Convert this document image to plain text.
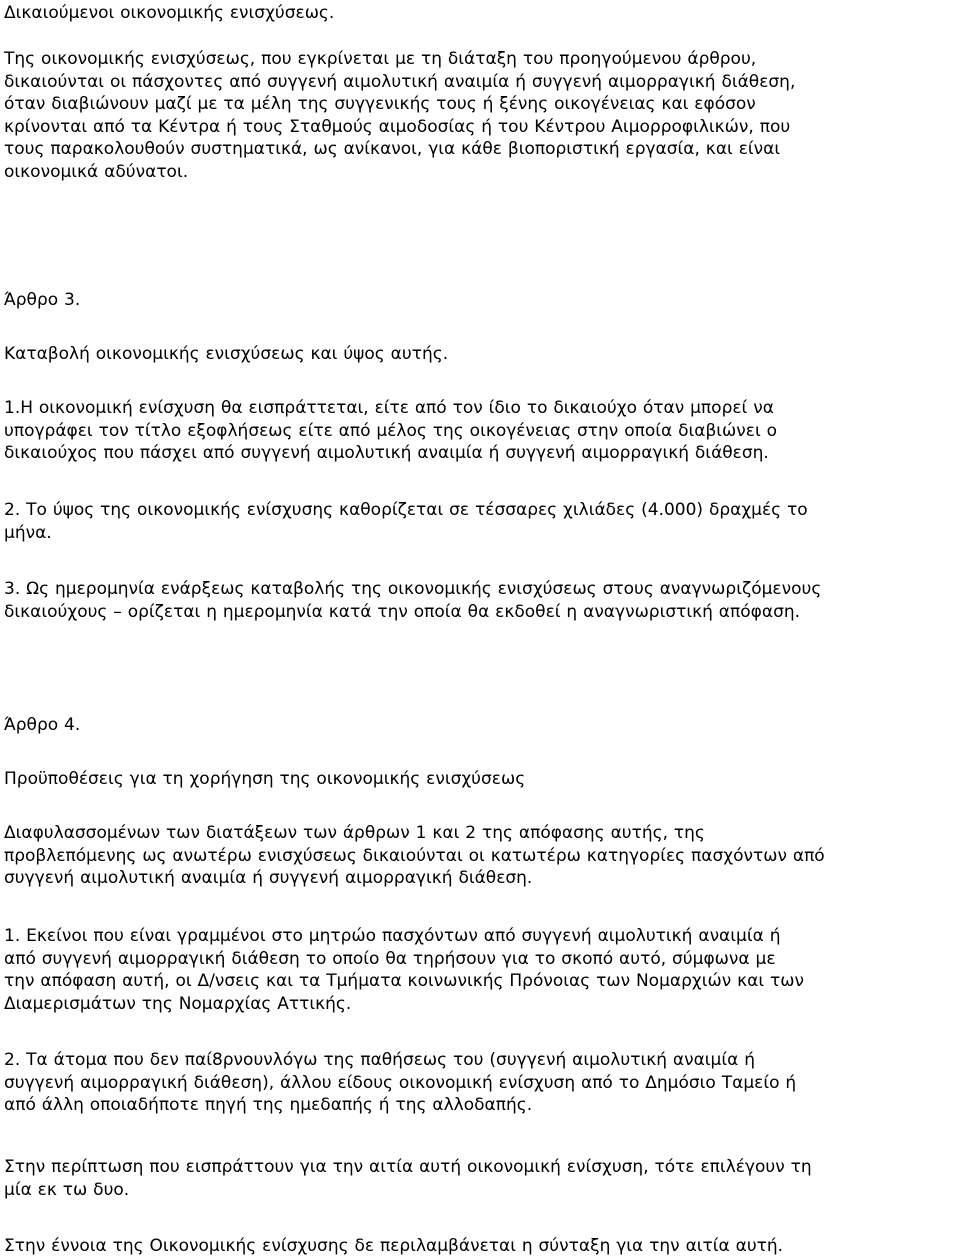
Δικαιούμενοι οικονομικής ενισχύσεως.

Της οικονομικής ενισχύσεως, που εγκρίνεται με τη διάταξη του προηγούμενου άρθρου,
δικαιούνται οι πάσχοντες από συγγενή αιμολυτική αναιμία ή συγγενή αιμορραγική διάθεση,
όταν διαβιώνουν μαζί με τα μέλη της συγγενικής τους ή ξένης οικογένειας και εφόσον
κρίνονται από τα Κέντρα ή τους Σταθμούς αιμοδοσίας ή του Κέντρου Αιμορροφιλικών, που
τους παρακολουθούν συστηματικά, ως ανίκανοι, για κάθε βιοποριστική εργασία, και είναι
οικονομικά αδύνατοι.

Άρθρο 3.

Καταβολή οικονομικής ενισχύσεως και ύψος αυτής.

1.Η οικονομική ενίσχυση θα εισπράττεται, είτε από τον ίδιο το δικαιούχο όταν μπορεί να
υπογράφει τον τίτλο εξοφλήσεως είτε από μέλος της οικογένειας στην οποία διαβιώνει ο
δικαιούχος που πάσχει από συγγενή αιμολυτική αναιμία ή συγγενή αιμορραγική διάθεση.

2. Το ύψος της οικονομικής ενίσχυσης καθορίζεται σε τέσσαρες χιλιάδες (4.000) δραχμές το
μήνα.

3. Ως ημερομηνία ενάρξεως καταβολής της οικονομικής ενισχύσεως στους αναγνωριζόμενους
δικαιούχους – ορίζεται η ημερομηνία κατά την οποία θα εκδοθεί η αναγνωριστική απόφαση.

Άρθρο 4.

Προϋποθέσεις για τη χορήγηση της οικονομικής ενισχύσεως

Διαφυλασσομένων των διατάξεων των άρθρων 1 και 2 της απόφασης αυτής, της
προβλεπόμενης ως ανωτέρω ενισχύσεως δικαιούνται οι κατωτέρω κατηγορίες πασχόντων από
συγγενή αιμολυτική αναιμία ή συγγενή αιμορραγική διάθεση.

1. Εκείνοι που είναι γραμμένοι στο μητρώο πασχόντων από συγγενή αιμολυτική αναιμία ή
από συγγενή αιμορραγική διάθεση το οποίο θα τηρήσουν για το σκοπό αυτό, σύμφωνα με
την απόφαση αυτή, οι Δ/νσεις και τα Τμήματα κοινωνικής Πρόνοιας των Νομαρχιών και των
Διαμερισμάτων της Νομαρχίας Αττικής.

2. Τα άτομα που δεν παί8ρνουνλόγω της παθήσεως του (συγγενή αιμολυτική αναιμία ή
συγγενή αιμορραγική διάθεση), άλλου είδους οικονομική ενίσχυση από το Δημόσιο Ταμείο ή
από άλλη οποιαδήποτε πηγή της ημεδαπής ή της αλλοδαπής.

Στην περίπτωση που εισπράττουν για την αιτία αυτή οικονομική ενίσχυση, τότε επιλέγουν τη
μία εκ τω δυο.

Στην έννοια της Οικονομικής ενίσχυσης δε περιλαμβάνεται η σύνταξη για την αιτία αυτή.
